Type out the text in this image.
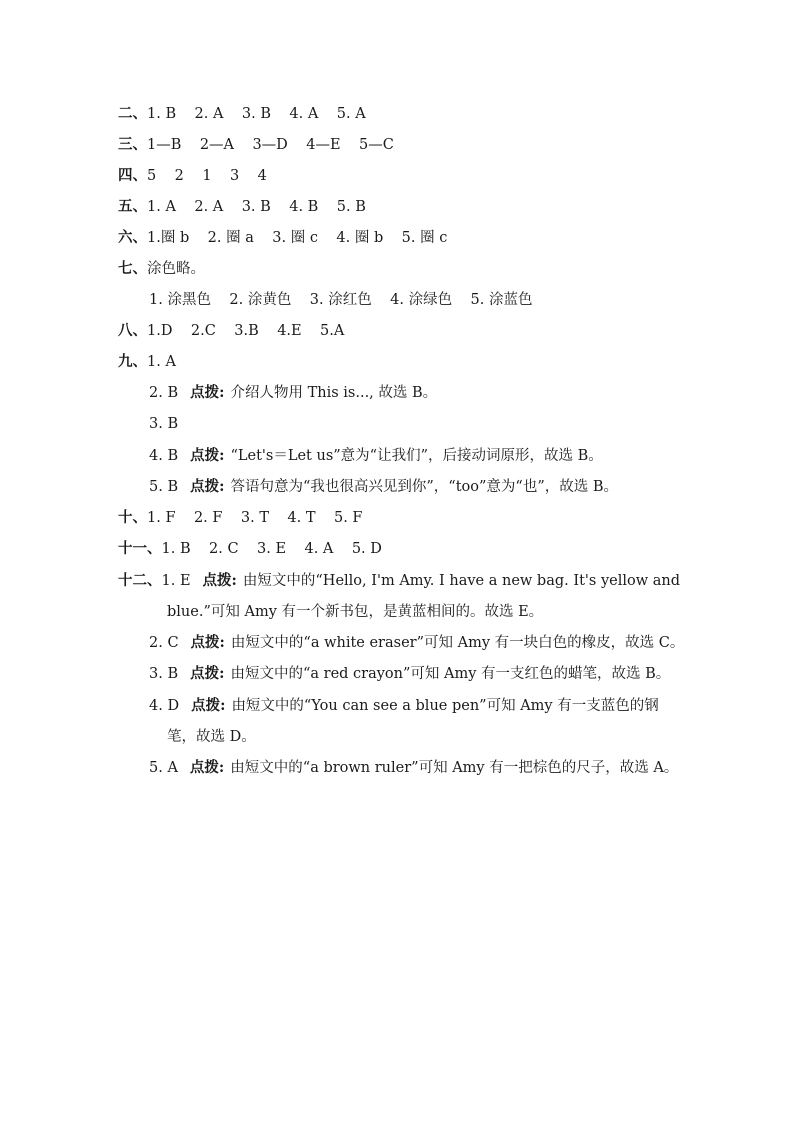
二、1. B    2. A    3. B    4. A    5. A
三、1—B    2—A    3—D    4—E    5—C
四、5    2    1    3    4
五、1. A    2. A    3. B    4. B    5. B
六、1.圈 b    2. 圈 a    3. 圈 c    4. 圈 b    5. 圈 c
七、涂色略。
1. 涂黑色    2. 涂黄色    3. 涂红色    4. 涂绿色    5. 涂蓝色
八、1.D    2.C    3.B    4.E    5.A
九、1. A
2. B 点拨: 介绍人物用 This is..., 故选 B。
3. B
4. B 点拨: “Let's＝Let us”意为“让我们”，后接动词原形，故选 B。
5. B 点拨: 答语句意为“我也很高兴见到你”，“too”意为“也”，故选 B。
十、1. F    2. F    3. T    4. T    5. F
十一、1. B    2. C    3. E    4. A    5. D
十二、1. E 点拨: 由短文中的“Hello, I'm Amy. I have a new bag. It's yellow and
blue.”可知 Amy 有一个新书包，是黄蓝相间的。故选 E。
2. C 点拨: 由短文中的“a white eraser”可知 Amy 有一块白色的橡皮，故选 C。
3. B 点拨: 由短文中的“a red crayon”可知 Amy 有一支红色的蜡笔，故选 B。
4. D 点拨: 由短文中的“You can see a blue pen”可知 Amy 有一支蓝色的钢
笔，故选 D。
5. A 点拨: 由短文中的“a brown ruler”可知 Amy 有一把棕色的尺子，故选 A。
